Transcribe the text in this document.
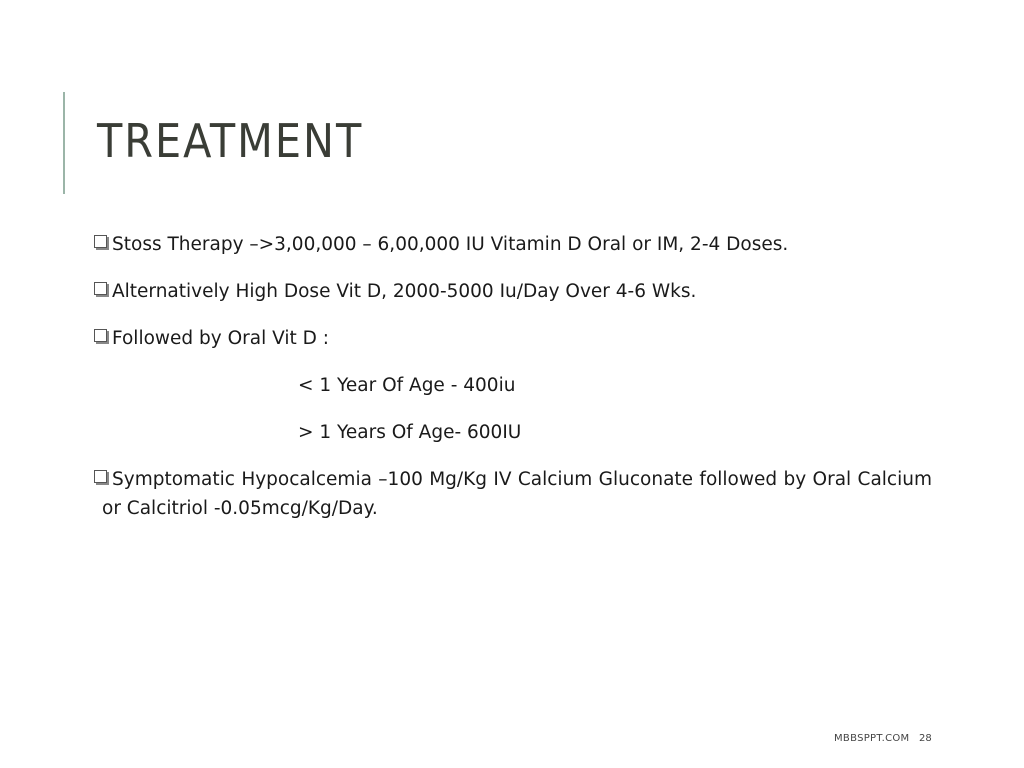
TREATMENT
Stoss Therapy –>3,00,000 – 6,00,000 IU Vitamin D Oral or IM, 2-4 Doses.
Alternatively High Dose Vit D, 2000-5000 Iu/Day Over 4-6 Wks.
Followed by Oral Vit D :
< 1 Year Of Age - 400iu
> 1 Years Of Age- 600IU
Symptomatic Hypocalcemia –100 Mg/Kg IV Calcium Gluconate followed by Oral Calcium or Calcitriol -0.05mcg/Kg/Day.
MBBSPPT.COM 28
